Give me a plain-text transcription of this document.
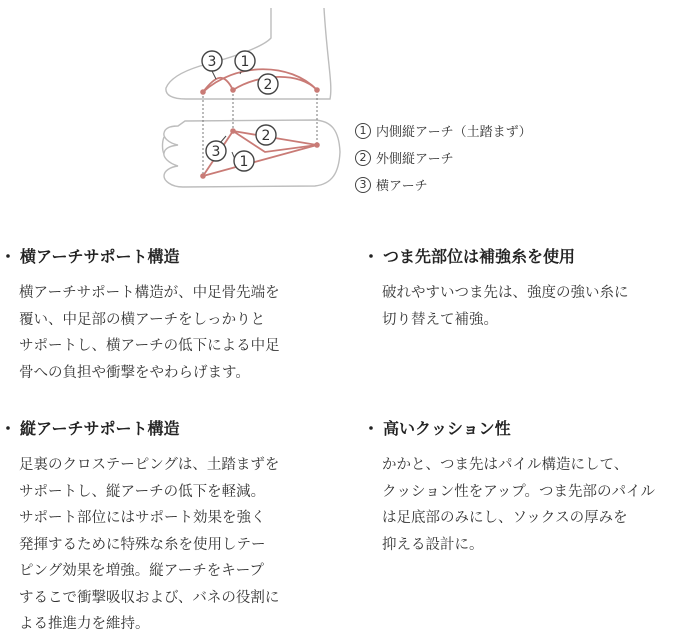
3 1
2
2
3
1
1 内側縦アーチ（土踏まず）
2 外側縦アーチ
3 横アーチ
・ 横アーチサポート構造
横アーチサポート構造が、中足骨先端を
覆い、中足部の横アーチをしっかりと
サポートし、横アーチの低下による中足
骨への負担や衝撃をやわらげます。
・ つま先部位は補強糸を使用
破れやすいつま先は、強度の強い糸に
切り替えて補強。
・ 縦アーチサポート構造
足裏のクロステーピングは、土踏まずを
サポートし、縦アーチの低下を軽減。
サポート部位にはサポート効果を強く
発揮するために特殊な糸を使用しテー
ピング効果を増強。縦アーチをキープ
するこで衝撃吸収および、バネの役割に
よる推進力を維持。
・ 高いクッション性
かかと、つま先はパイル構造にして、
クッション性をアップ。つま先部のパイル
は足底部のみにし、ソックスの厚みを
抑える設計に。
